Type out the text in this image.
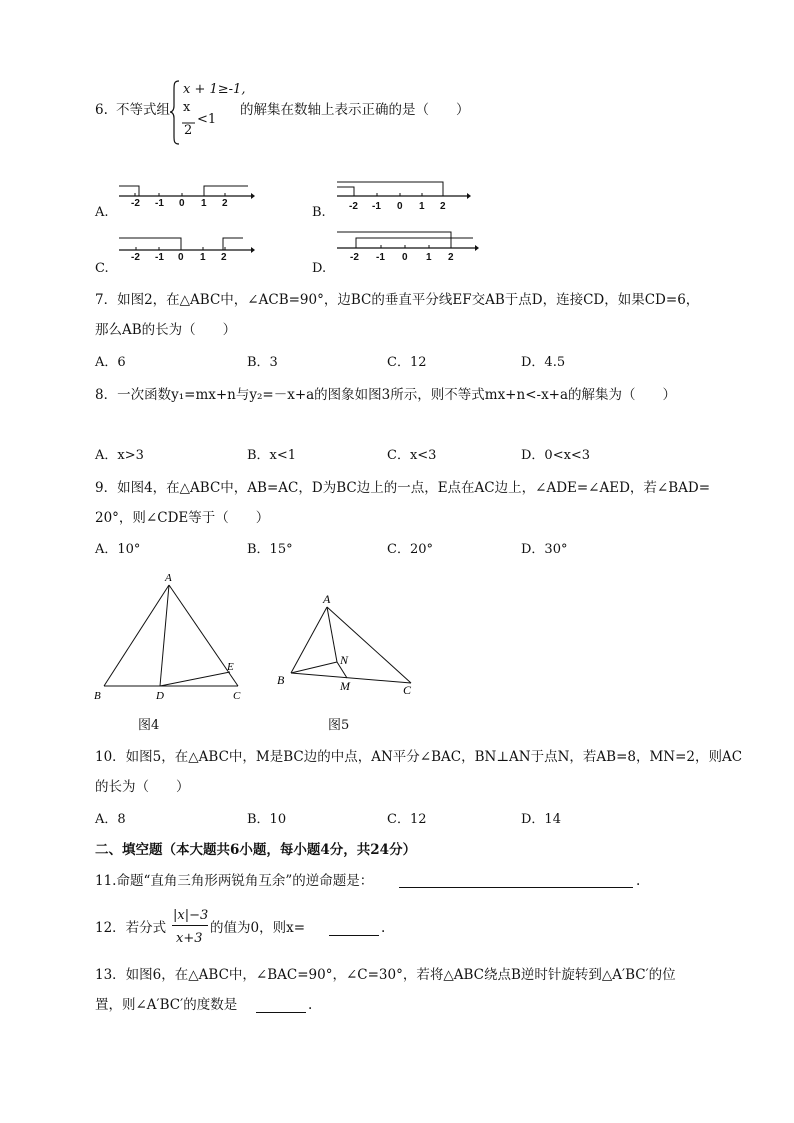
6. 不等式组
x + 1≥-1,
x
2
<1
的解集在数轴上表示正确的是（　　）
A.
-2 -1 0 1 2
B. -2 -1 0 1 2
C.
-2 -1 0 1 2
D.
-2 -1 0 1 2
7．如图2，在△ABC中，∠ACB=90°，边BC的垂直平分线EF交AB于点D，连接CD，如果CD=6，
那么AB的长为（　　）
A．6	B．3	C．12	D．4.5
8．一次函数y₁=mx+n与y₂=－x+a的图象如图3所示，则不等式mx+n<-x+a的解集为（　　）
A．x>3	B．x<1	C．x<3	D．0<x<3
9．如图4，在△ABC中，AB=AC，D为BC边上的一点，E点在AC边上，∠ADE=∠AED，若∠BAD=
20°，则∠CDE等于（　　）
A．10°	B．15°	C．20°	D．30°
A
B	D	C
E
图4
A
B
C
M
N
图5
10．如图5，在△ABC中，M是BC边的中点，AN平分∠BAC，BN⊥AN于点N，若AB=8，MN=2，则AC
的长为（　　）
A．8	B．10	C．12	D．14
二、填空题（本大题共6小题，每小题4分，共24分）
11.命题“直角三角形两锐角互余”的逆命题是：	.
12．若分式
|x|−3
x+3
的值为0，则x=	.
13．如图6，在△ABC中，∠BAC=90°，∠C=30°，若将△ABC绕点B逆时针旋转到△A′BC′的位
置，则∠A′BC′的度数是	.
